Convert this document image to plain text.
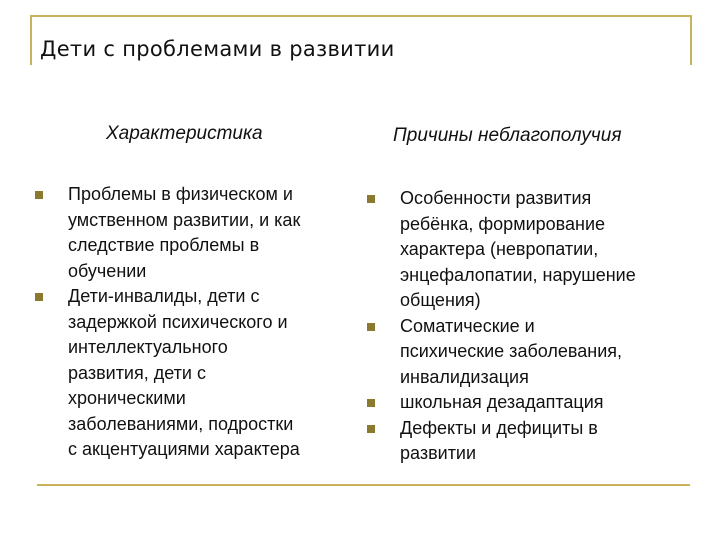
Дети с проблемами в развитии
Характеристика
Проблемы в физическом и
умственном развитии, и как
следствие проблемы в
обучении
Дети-инвалиды, дети с
задержкой психического и
интеллектуального
развития, дети с
хроническими
заболеваниями, подростки
с акцентуациями характера
Причины неблагополучия
Особенности развития
ребёнка, формирование
характера (невропатии,
энцефалопатии, нарушение
общения)
Соматические и
психические заболевания,
инвалидизация
школьная дезадаптация
Дефекты и дефициты в
развитии
